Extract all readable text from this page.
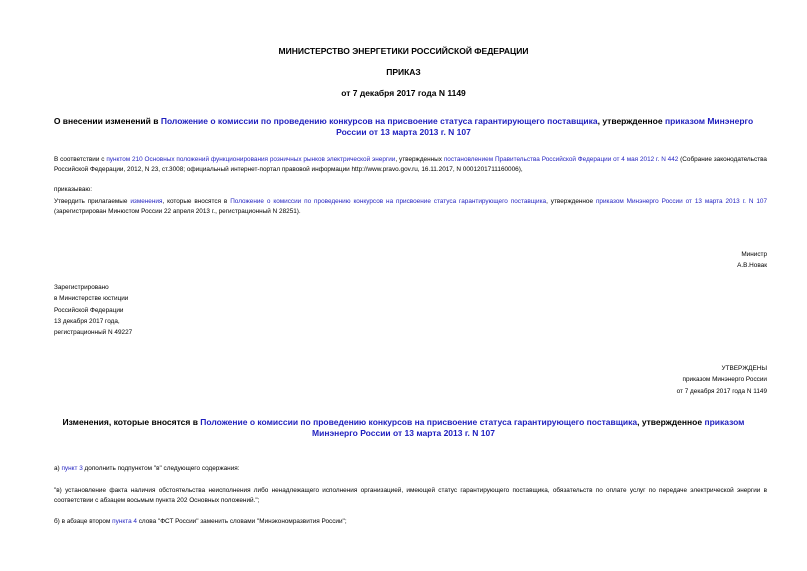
МИНИСТЕРСТВО ЭНЕРГЕТИКИ РОССИЙСКОЙ ФЕДЕРАЦИИ
ПРИКАЗ
от 7 декабря 2017 года N 1149
О внесении изменений в Положение о комиссии по проведению конкурсов на присвоение статуса гарантирующего поставщика, утвержденное приказом Минэнерго России от 13 марта 2013 г. N 107
В соответствии с пунктом 210 Основных положений функционирования розничных рынков электрической энергии, утвержденных постановлением Правительства Российской Федерации от 4 мая 2012 г. N 442 (Собрание законодательства Российской Федерации, 2012, N 23, ст.3008; официальный интернет-портал правовой информации http://www.pravo.gov.ru, 16.11.2017, N 0001201711160006),
приказываю:
Утвердить прилагаемые изменения, которые вносятся в Положение о комиссии по проведению конкурсов на присвоение статуса гарантирующего поставщика, утвержденное приказом Минэнерго России от 13 марта 2013 г. N 107 (зарегистрирован Минюстом России 22 апреля 2013 г., регистрационный N 28251).
Министр
А.В.Новак
Зарегистрировано
в Министерстве юстиции
Российской Федерации
13 декабря 2017 года,
регистрационный N 49227
УТВЕРЖДЕНЫ
приказом Минэнерго России
от 7 декабря 2017 года N 1149
Изменения, которые вносятся в Положение о комиссии по проведению конкурсов на присвоение статуса гарантирующего поставщика, утвержденное приказом Минэнерго России от 13 марта 2013 г. N 107
а) пункт 3 дополнить подпунктом "в" следующего содержания:
"в) установление факта наличия обстоятельства неисполнения либо ненадлежащего исполнения организацией, имеющей статус гарантирующего поставщика, обязательств по оплате услуг по передаче электрической энергии в соответствии с абзацем восьмым пункта 202 Основных положений.";
б) в абзаце втором пункта 4 слова "ФСТ России" заменить словами "Минэкономразвития России";
